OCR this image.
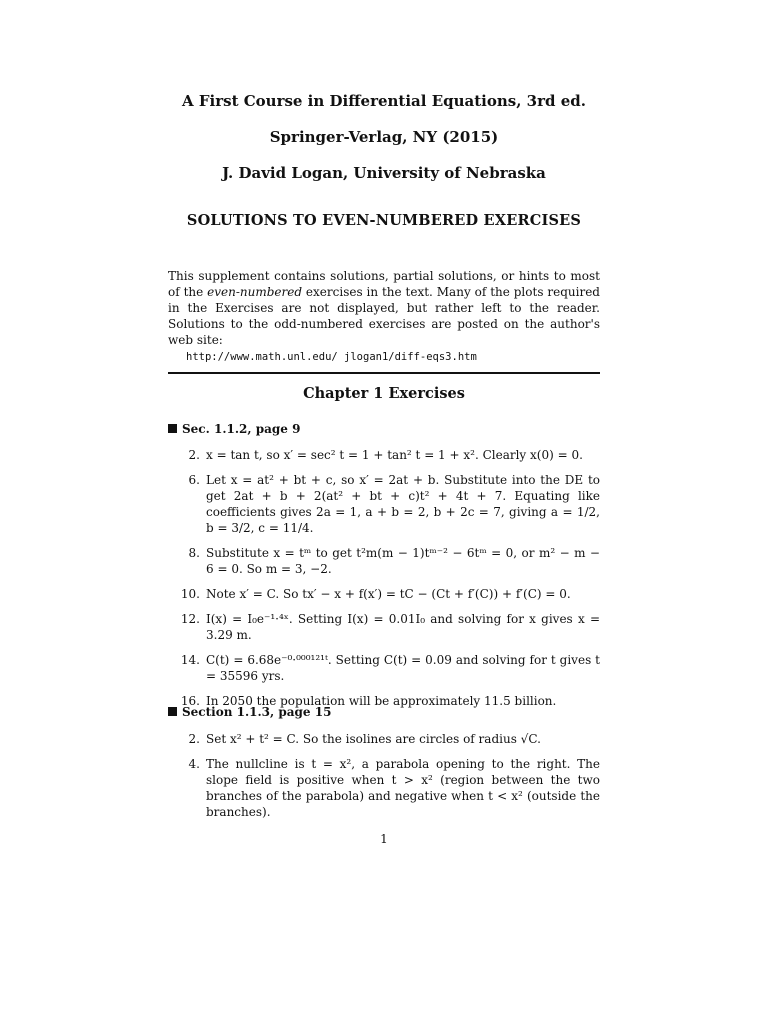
A First Course in Differential Equations, 3rd ed.
Springer-Verlag, NY (2015)
J. David Logan, University of Nebraska
SOLUTIONS TO EVEN-NUMBERED EXERCISES
This supplement contains solutions, partial solutions, or hints to most of the even-numbered exercises in the text. Many of the plots required in the Exercises are not displayed, but rather left to the reader. Solutions to the odd-numbered exercises are posted on the author's web site:
http://www.math.unl.edu/ jlogan1/diff-eqs3.htm
Chapter 1 Exercises
Sec. 1.1.2, page 9
2. x = tan t, so x′ = sec² t = 1 + tan² t = 1 + x². Clearly x(0) = 0.
6. Let x = at² + bt + c, so x′ = 2at + b. Substitute into the DE to get 2at + b + 2(at² + bt + c)t² + 4t + 7. Equating like coefficients gives 2a = 1, a + b = 2, b + 2c = 7, giving a = 1/2, b = 3/2, c = 11/4.
8. Substitute x = tᵐ to get t²m(m − 1)tᵐ⁻² − 6tᵐ = 0, or m² − m − 6 = 0. So m = 3, −2.
10. Note x′ = C. So tx′ − x + f(x′) = tC − (Ct + f′(C)) + f′(C) = 0.
12. I(x) = I₀e⁻¹·⁴ˣ. Setting I(x) = 0.01I₀ and solving for x gives x = 3.29 m.
14. C(t) = 6.68e⁻⁰·⁰⁰⁰¹²¹ᵗ. Setting C(t) = 0.09 and solving for t gives t = 35596 yrs.
16. In 2050 the population will be approximately 11.5 billion.
Section 1.1.3, page 15
2. Set x² + t² = C. So the isolines are circles of radius √C.
4. The nullcline is t = x², a parabola opening to the right. The slope field is positive when t > x² (region between the two branches of the parabola) and negative when t < x² (outside the branches).
1
